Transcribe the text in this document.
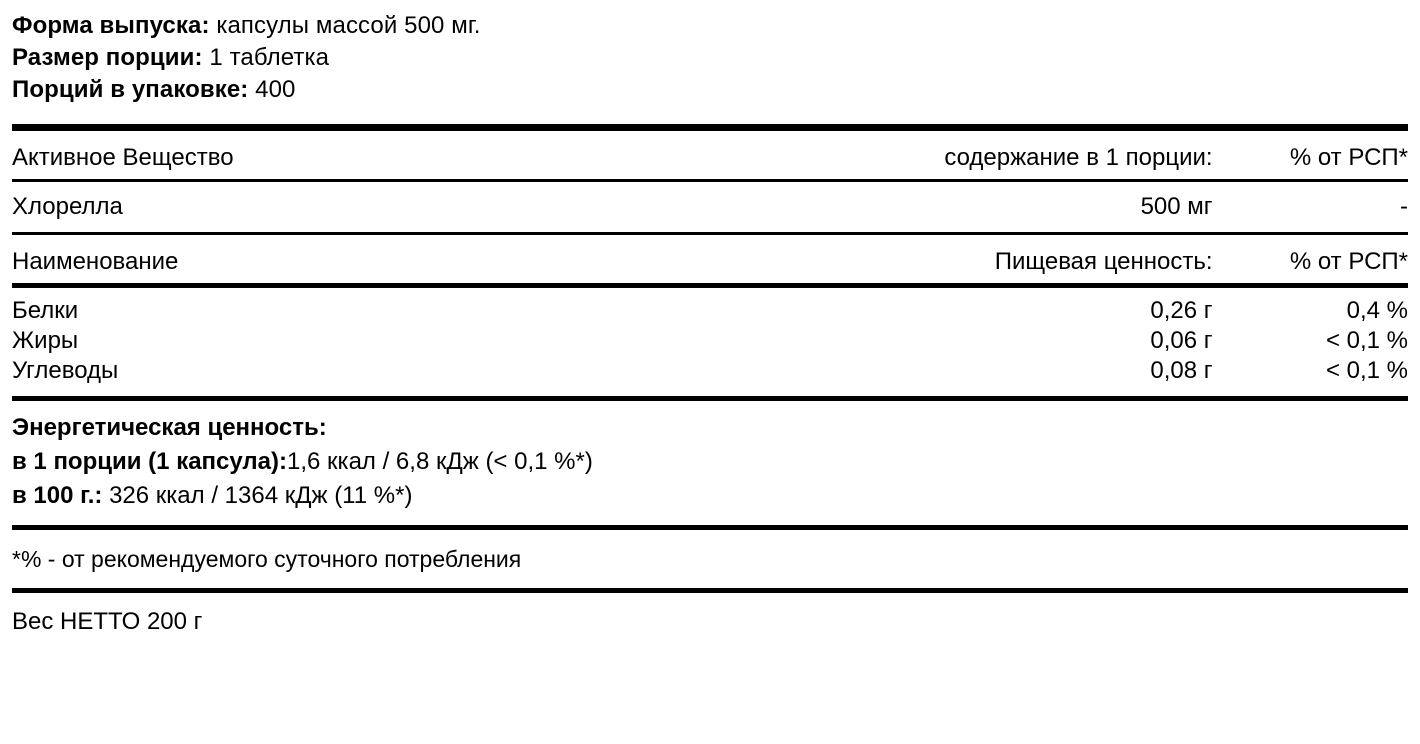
Форма выпуска: капсулы массой 500 мг.
Размер порции: 1 таблетка
Порций в упаковке: 400
Активное Вещество	содержание в 1 порции:	% от РСП*
Хлорелла	500 мг	-
Наименование	Пищевая ценность:	% от РСП*
Белки	0,26 г	0,4 %
Жиры	0,06 г	< 0,1 %
Углеводы	0,08 г	< 0,1 %
Энергетическая ценность:
в 1 порции (1 капсула):1,6 ккал / 6,8 кДж (< 0,1 %*)
в 100 г.: 326 ккал / 1364 кДж (11 %*)
*% - от рекомендуемого суточного потребления
Вес НЕТТО 200 г
